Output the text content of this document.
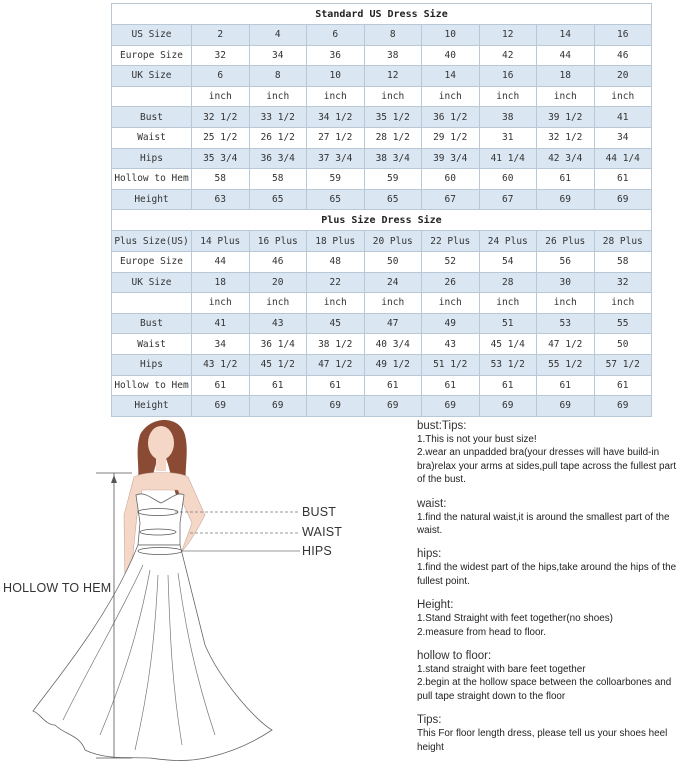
Standard US Dress Size								
US Size	2	4	6	8	10	12	14	16
Europe Size	32	34	36	38	40	42	44	46
UK Size	6	8	10	12	14	16	18	20
	inch	inch	inch	inch	inch	inch	inch	inch
Bust	32 1/2	33 1/2	34 1/2	35 1/2	36 1/2	38	39 1/2	41
Waist	25 1/2	26 1/2	27 1/2	28 1/2	29 1/2	31	32 1/2	34
Hips	35 3/4	36 3/4	37 3/4	38 3/4	39 3/4	41 1/4	42 3/4	44 1/4
Hollow to Hem	58	58	59	59	60	60	61	61
Height	63	65	65	65	67	67	69	69
Plus Size Dress Size								
Plus Size(US)	14 Plus	16 Plus	18 Plus	20 Plus	22 Plus	24 Plus	26 Plus	28 Plus
Europe Size	44	46	48	50	52	54	56	58
UK Size	18	20	22	24	26	28	30	32
	inch	inch	inch	inch	inch	inch	inch	inch
Bust	41	43	45	47	49	51	53	55
Waist	34	36 1/4	38 1/2	40 3/4	43	45 1/4	47 1/2	50
Hips	43 1/2	45 1/2	47 1/2	49 1/2	51 1/2	53 1/2	55 1/2	57 1/2
Hollow to Hem	61	61	61	61	61	61	61	61
Height	69	69	69	69	69	69	69	69
BUST
WAIST
HIPS
HOLLOW TO HEM
bust:Tips:
1.This is not your bust size!
2.wear an unpadded bra(your dresses will have build-in bra)relax your arms at sides,pull tape across the fullest part of the bust.
waist:
1.find the natural waist,it is around the smallest part of the waist.
hips:
1.find the widest part of the hips,take around the hips of the fullest point.
Height:
1.Stand Straight with feet together(no shoes)
2.measure from head to floor.
hollow to floor:
1.stand straight with bare feet together
2.begin at the hollow space between the colloarbones and pull tape straight down to the floor
Tips:
This For floor length dress, please tell us your shoes heel height
